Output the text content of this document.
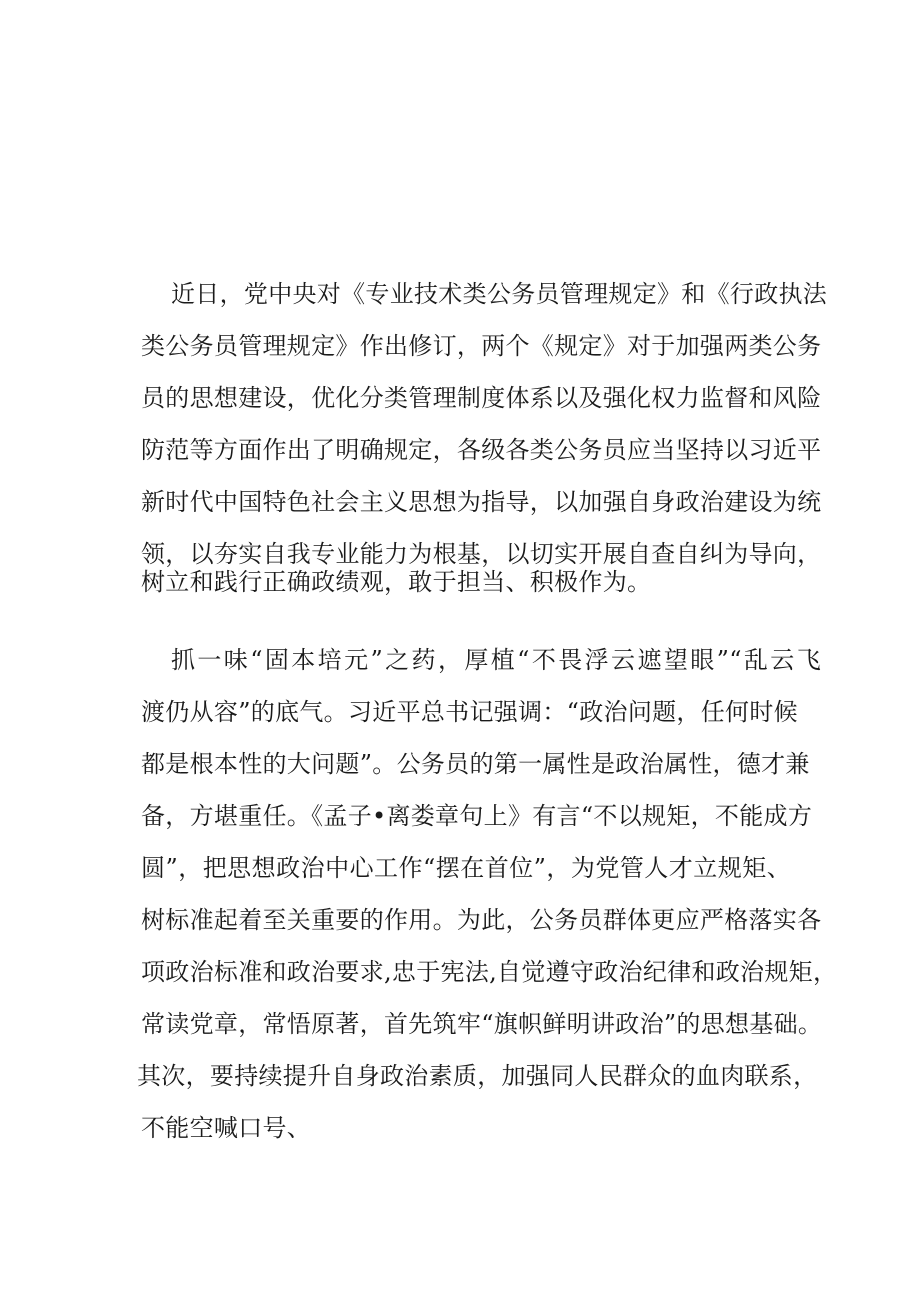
近日，党中央对《专业技术类公务员管理规定》和《行政执法
类公务员管理规定》作出修订，两个《规定》对于加强两类公务
员的思想建设，优化分类管理制度体系以及强化权力监督和风险
防范等方面作出了明确规定，各级各类公务员应当坚持以习近平
新时代中国特色社会主义思想为指导，以加强自身政治建设为统
领，以夯实自我专业能力为根基，以切实开展自查自纠为导向，
树立和践行正确政绩观，敢于担当、积极作为。
抓一味“固本培元”之药，厚植“不畏浮云遮望眼”“乱云飞
渡仍从容”的底气。习近平总书记强调：“政治问题，任何时候
都是根本性的大问题”。公务员的第一属性是政治属性，德才兼
备，方堪重任。《孟子•离娄章句上》有言“不以规矩，不能成方
圆”，把思想政治中心工作“摆在首位”，为党管人才立规矩、
树标准起着至关重要的作用。为此，公务员群体更应严格落实各
项政治标准和政治要求,忠于宪法,自觉遵守政治纪律和政治规矩，
常读党章，常悟原著，首先筑牢“旗帜鲜明讲政治”的思想基础。
其次，要持续提升自身政治素质，加强同人民群众的血肉联系，
不能空喊口号、
